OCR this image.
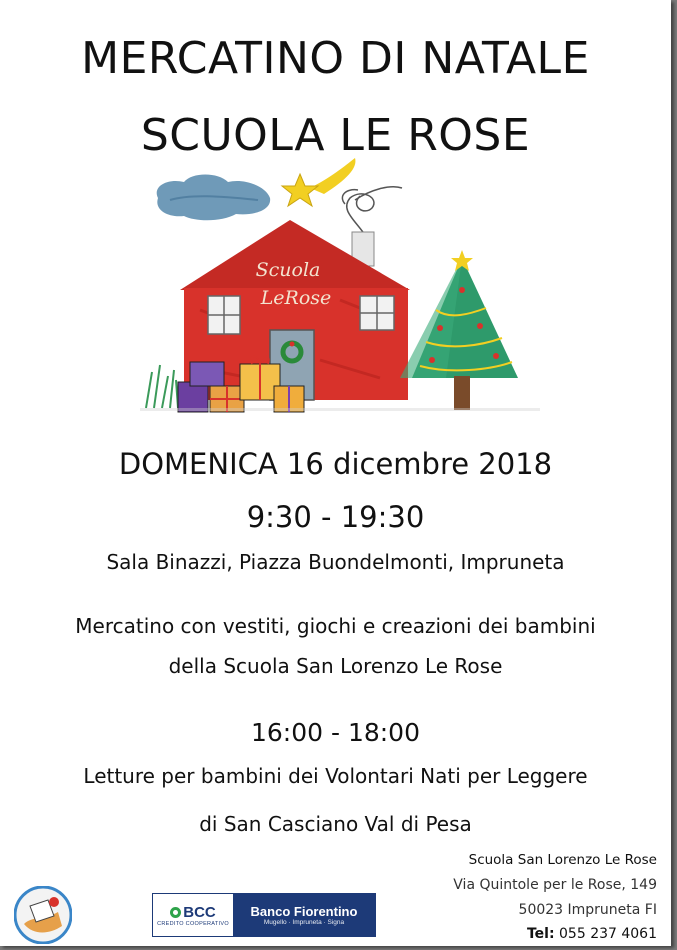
MERCATINO DI NATALE
SCUOLA LE ROSE
Scuola
LeRose
DOMENICA 16 dicembre 2018
9:30 - 19:30
Sala Binazzi, Piazza Buondelmonti, Impruneta
Mercatino con vestiti, giochi e creazioni dei bambini
della Scuola San Lorenzo Le Rose
16:00 - 18:00
Letture per bambini dei Volontari Nati per Leggere
di San Casciano Val di Pesa
BCC
CREDITO COOPERATIVO
Banco Fiorentino
Mugello · Impruneta · Signa
Scuola San Lorenzo Le Rose
Via Quintole per le Rose, 149
50023 Impruneta FI
Tel: 055 237 4061
